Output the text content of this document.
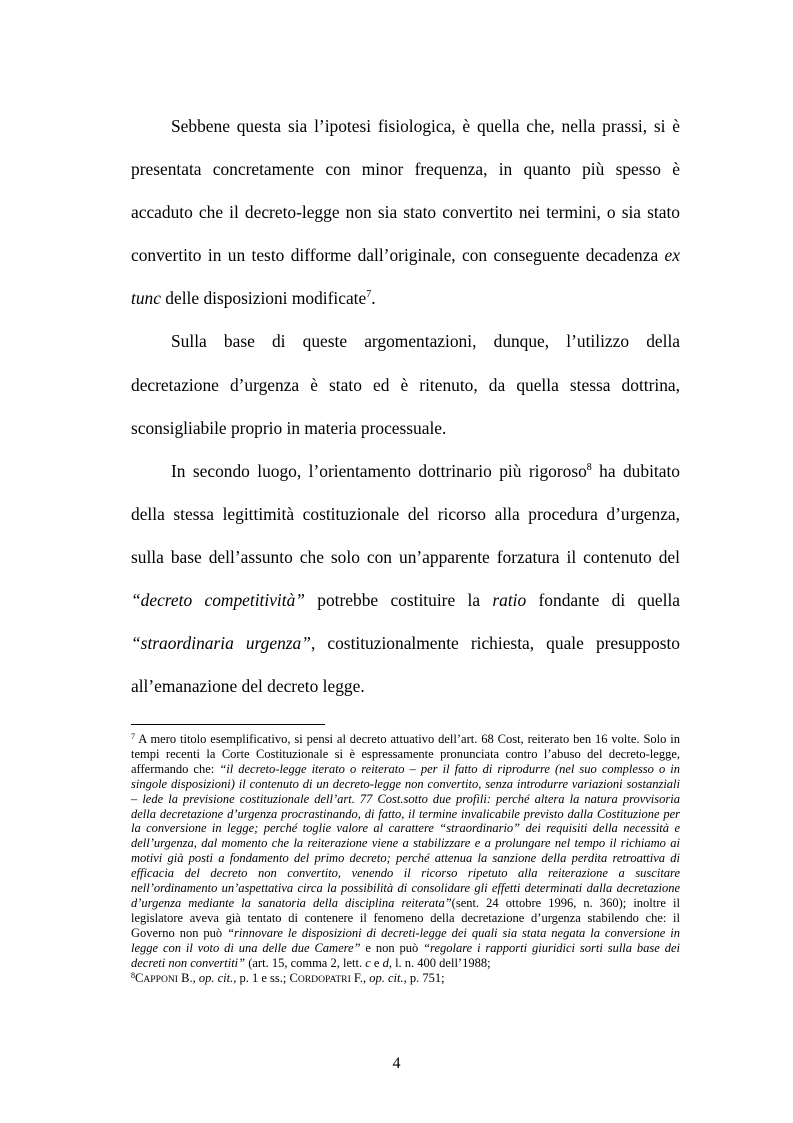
Sebbene questa sia l’ipotesi fisiologica, è quella che, nella prassi, si è presentata concretamente con minor frequenza, in quanto più spesso è accaduto che il decreto-legge non sia stato convertito nei termini, o sia stato convertito in un testo difforme dall’originale, con conseguente decadenza ex tunc delle disposizioni modificate$^7$.

Sulla base di queste argomentazioni, dunque, l’utilizzo della decretazione d’urgenza è stato ed è ritenuto, da quella stessa dottrina, sconsigliabile proprio in materia processuale.

In secondo luogo, l’orientamento dottrinario più rigoroso$^8$ ha dubitato della stessa legittimità costituzionale del ricorso alla procedura d’urgenza, sulla base dell’assunto che solo con un’apparente forzatura il contenuto del “decreto competitività” potrebbe costituire la ratio fondante di quella “straordinaria urgenza”, costituzionalmente richiesta, quale presupposto all’emanazione del decreto legge.

$^7$ A mero titolo esemplificativo, si pensi al decreto attuativo dell’art. 68 Cost, reiterato ben 16 volte. Solo in tempi recenti la Corte Costituzionale si è espressamente pronunciata contro l’abuso del decreto-legge, affermando che: “il decreto-legge iterato o reiterato – per il fatto di riprodurre (nel suo complesso o in singole disposizioni) il contenuto di un decreto-legge non convertito, senza introdurre variazioni sostanziali – lede la previsione costituzionale dell’art. 77 Cost.sotto due profili: perché altera la natura provvisoria della decretazione d’urgenza procrastinando, di fatto, il termine invalicabile previsto dalla Costituzione per la conversione in legge; perché toglie valore al carattere “straordinario” dei requisiti della necessità e dell’urgenza, dal momento che la reiterazione viene a stabilizzare e a prolungare nel tempo il richiamo ai motivi già posti a fondamento del primo decreto; perché attenua la sanzione della perdita retroattiva di efficacia del decreto non convertito, venendo il ricorso ripetuto alla reiterazione a suscitare nell’ordinamento un’aspettativa circa la possibilità di consolidare gli effetti determinati dalla decretazione d’urgenza mediante la sanatoria della disciplina reiterata”(sent. 24 ottobre 1996, n. 360); inoltre il legislatore aveva già tentato di contenere il fenomeno della decretazione d’urgenza stabilendo che: il Governo non può “rinnovare le disposizioni di decreti-legge dei quali sia stata negata la conversione in legge con il voto di una delle due Camere” e non può “regolare i rapporti giuridici sorti sulla base dei decreti non convertiti” (art. 15, comma 2, lett. c e d, l. n. 400 dell’1988;

$^8$CAPPONI B., op. cit., p. 1 e ss.; CORDOPATRI F., op. cit., p. 751;

4
